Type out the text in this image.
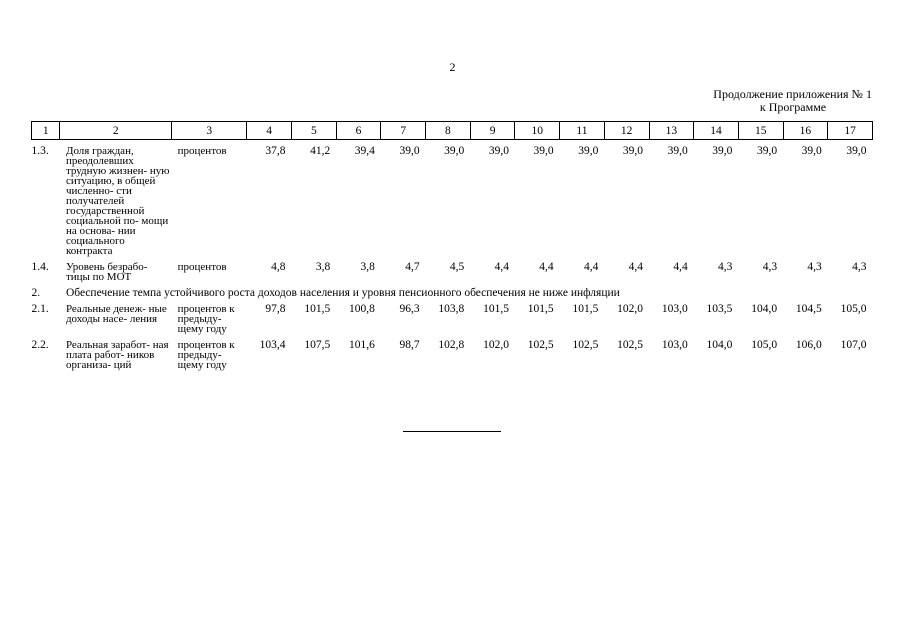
2
Продолжение приложения № 1
к Программе
1	2	3	4	5	6	7	8	9	10	11	12	13	14	15	16	17

1.3.	Доля граждан, преодолевших трудную жизнен- ную ситуацию, в общей численно- сти получателей государственной социальной по- мощи на основа- нии социального контракта	процентов	37,8	41,2	39,4	39,0	39,0	39,0	39,0	39,0	39,0	39,0	39,0	39,0	39,0	39,0

1.4.	Уровень безрабо- тицы по МОТ	процентов	4,8	3,8	3,8	4,7	4,5	4,4	4,4	4,4	4,4	4,4	4,3	4,3	4,3	4,3

2.	Обеспечение темпа устойчивого роста доходов населения и уровня пенсионного обеспечения не ниже инфляции															

2.1.	Реальные денеж- ные доходы насе- ления	процентов к предыду- щему году	97,8	101,5	100,8	96,3	103,8	101,5	101,5	101,5	102,0	103,0	103,5	104,0	104,5	105,0

2.2.	Реальная заработ- ная плата работ- ников организа- ций	процентов к предыду- щему году	103,4	107,5	101,6	98,7	102,8	102,0	102,5	102,5	102,5	103,0	104,0	105,0	106,0	107,0
